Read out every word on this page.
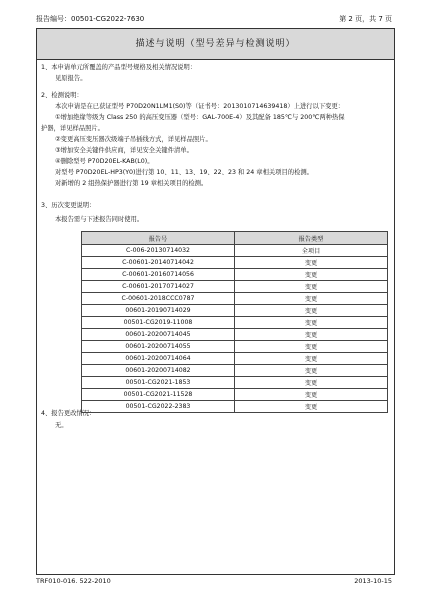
报告编号：00501-CG2022-7630	第 2 页，共 7 页
描述与说明（型号差异与检测说明）
1、本申请单元所覆盖的产品型号规格及相关情况说明：
见原报告。
2、检测说明：
本次申请是在已获证型号 P70D20N1LM1(S0)等（证书号：2013010714639418）上进行以下变更：
①增加绝缘等级为 Class 250 的高压变压器（型号：GAL-700E-4）及其配备 185℃与 200℃两种热保
护器，详见样品照片。
②变更高压变压器次级端子吊插线方式，详见样品照片。
③增加安全关键件供应商，详见安全关键件清单。
④删除型号 P70D20EL-KAB(L0)。
对型号 P70D20EL-HP3(Y0)进行第 10、11、13、19、22、23 和 24 章相关项目的检测。
对新增的 2 组热保护器进行第 19 章相关项目的检测。
3、历次变更说明：
本报告需与下述报告同时使用。
4、报告更改情况：
无。
报告号	报告类型
C-006-20130714032	全项目
C-00601-20140714042	变更
C-00601-20160714056	变更
C-00601-20170714027	变更
C-00601-2018CCC0787	变更
00601-20190714029	变更
00501-CG2019-11008	变更
00601-20200714045	变更
00601-20200714055	变更
00601-20200714064	变更
00601-20200714082	变更
00501-CG2021-1853	变更
00501-CG2021-11528	变更
00501-CG2022-2383	变更
TRF010-016. 522-2010	2013-10-15
